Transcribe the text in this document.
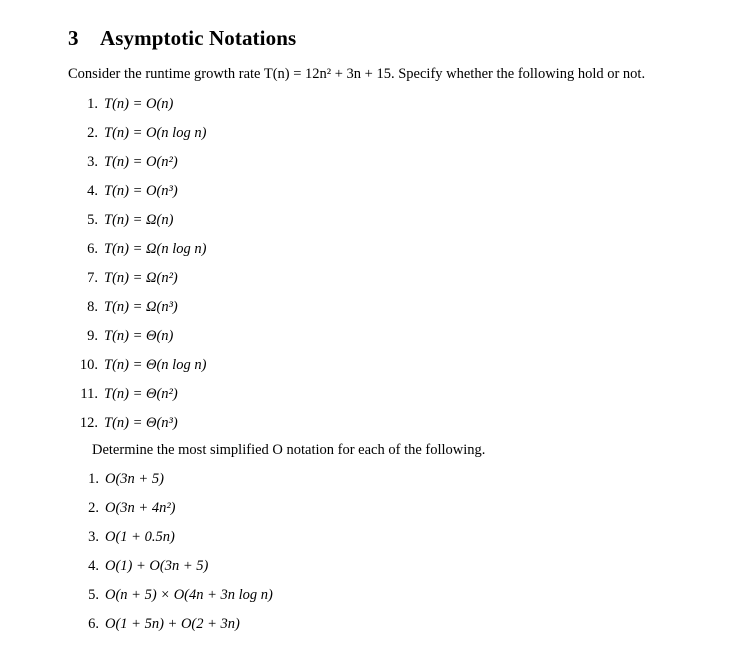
3 Asymptotic Notations
Consider the runtime growth rate T(n) = 12n² + 3n + 15. Specify whether the following hold or not.
1. T(n) = O(n)
2. T(n) = O(n log n)
3. T(n) = O(n²)
4. T(n) = O(n³)
5. T(n) = Ω(n)
6. T(n) = Ω(n log n)
7. T(n) = Ω(n²)
8. T(n) = Ω(n³)
9. T(n) = Θ(n)
10. T(n) = Θ(n log n)
11. T(n) = Θ(n²)
12. T(n) = Θ(n³)
Determine the most simplified O notation for each of the following.
1. O(3n + 5)
2. O(3n + 4n²)
3. O(1 + 0.5n)
4. O(1) + O(3n + 5)
5. O(n + 5) × O(4n + 3n log n)
6. O(1 + 5n) + O(2 + 3n)
